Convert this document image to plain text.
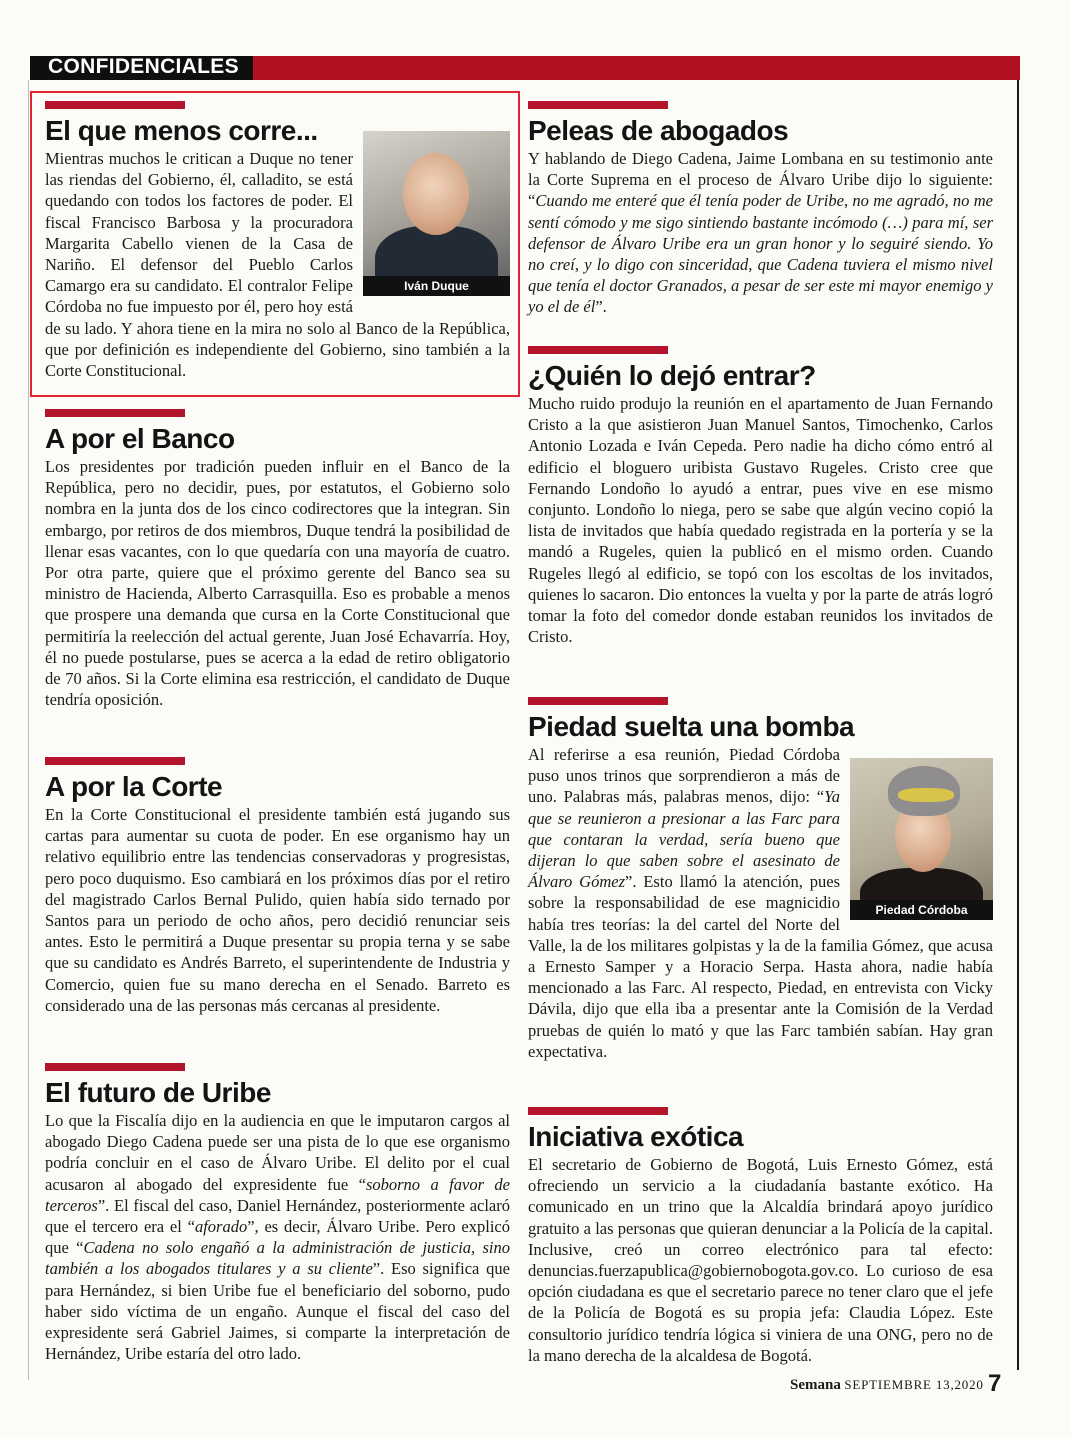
CONFIDENCIALES
Iván Duque
El que menos corre...

Mientras muchos le critican a Duque no tener las riendas del Gobierno, él, calladito, se está quedando con todos los factores de poder. El fiscal Francisco Barbosa y la procuradora Margarita Cabello vienen de la Casa de Nariño. El defensor del Pueblo Carlos Camargo era su candidato. El contralor Felipe Córdoba no fue impuesto por él, pero hoy está de su lado. Y ahora tiene en la mira no solo al Banco de la República, que por definición es independiente del Gobierno, sino también a la Corte Constitucional.

A por el Banco

Los presidentes por tradición pueden influir en el Banco de la República, pero no decidir, pues, por estatutos, el Gobierno solo nombra en la junta dos de los cinco codirectores que la integran. Sin embargo, por retiros de dos miembros, Duque tendrá la posibilidad de llenar esas vacantes, con lo que quedaría con una mayoría de cuatro. Por otra parte, quiere que el próximo gerente del Banco sea su ministro de Hacienda, Alberto Carrasquilla. Eso es probable a menos que prospere una demanda que cursa en la Corte Constitucional que permitiría la reelección del actual gerente, Juan José Echavarría. Hoy, él no puede postularse, pues se acerca a la edad de retiro obligatorio de 70 años. Si la Corte elimina esa restricción, el candidato de Duque tendría oposición.

A por la Corte

En la Corte Constitucional el presidente también está jugando sus cartas para aumentar su cuota de poder. En ese organismo hay un relativo equilibrio entre las tendencias conservadoras y progresistas, pero poco duquismo. Eso cambiará en los próximos días por el retiro del magistrado Carlos Bernal Pulido, quien había sido ternado por Santos para un periodo de ocho años, pero decidió renunciar seis antes. Esto le permitirá a Duque presentar su propia terna y se sabe que su candidato es Andrés Barreto, el superintendente de Industria y Comercio, quien fue su mano derecha en el Senado. Barreto es considerado una de las personas más cercanas al presidente.

El futuro de Uribe

Lo que la Fiscalía dijo en la audiencia en que le imputaron cargos al abogado Diego Cadena puede ser una pista de lo que ese organismo podría concluir en el caso de Álvaro Uribe. El delito por el cual acusaron al abogado del expresidente fue “soborno a favor de terceros”. El fiscal del caso, Daniel Hernández, posteriormente aclaró que el tercero era el “aforado”, es decir, Álvaro Uribe. Pero explicó que “Cadena no solo engañó a la administración de justicia, sino también a los abogados titulares y a su cliente”. Eso significa que para Hernández, si bien Uribe fue el beneficiario del soborno, pudo haber sido víctima de un engaño. Aunque el fiscal del caso del expresidente será Gabriel Jaimes, si comparte la interpretación de Hernández, Uribe estaría del otro lado.

Peleas de abogados

Y hablando de Diego Cadena, Jaime Lombana en su testimonio ante la Corte Suprema en el proceso de Álvaro Uribe dijo lo siguiente: “Cuando me enteré que él tenía poder de Uribe, no me agradó, no me sentí cómodo y me sigo sintiendo bastante incómodo (…) para mí, ser defensor de Álvaro Uribe era un gran honor y lo seguiré siendo. Yo no creí, y lo digo con sinceridad, que Cadena tuviera el mismo nivel que tenía el doctor Granados, a pesar de ser este mi mayor enemigo y yo el de él”.

¿Quién lo dejó entrar?

Mucho ruido produjo la reunión en el apartamento de Juan Fernando Cristo a la que asistieron Juan Manuel Santos, Timochenko, Carlos Antonio Lozada e Iván Cepeda. Pero nadie ha dicho cómo entró al edificio el bloguero uribista Gustavo Rugeles. Cristo cree que Fernando Londoño lo ayudó a entrar, pues vive en ese mismo conjunto. Londoño lo niega, pero se sabe que algún vecino copió la lista de invitados que había quedado registrada en la portería y se la mandó a Rugeles, quien la publicó en el mismo orden. Cuando Rugeles llegó al edificio, se topó con los escoltas de los invitados, quienes lo sacaron. Dio entonces la vuelta y por la parte de atrás logró tomar la foto del comedor donde estaban reunidos los invitados de Cristo.

Piedad suelta una bomba
Piedad Córdoba

Al referirse a esa reunión, Piedad Córdoba puso unos trinos que sorprendieron a más de uno. Palabras más, palabras menos, dijo: “Ya que se reunieron a presionar a las Farc para que contaran la verdad, sería bueno que dijeran lo que saben sobre el asesinato de Álvaro Gómez”. Esto llamó la atención, pues sobre la responsabilidad de ese magnicidio había tres teorías: la del cartel del Norte del Valle, la de los militares golpistas y la de la familia Gómez, que acusa a Ernesto Samper y a Horacio Serpa. Hasta ahora, nadie había mencionado a las Farc. Al respecto, Piedad, en entrevista con Vicky Dávila, dijo que ella iba a presentar ante la Comisión de la Verdad pruebas de quién lo mató y que las Farc también sabían. Hay gran expectativa.

Iniciativa exótica

El secretario de Gobierno de Bogotá, Luis Ernesto Gómez, está ofreciendo un servicio a la ciudadanía bastante exótico. Ha comunicado en un trino que la Alcaldía brindará apoyo jurídico gratuito a las personas que quieran denunciar a la Policía de la capital. Inclusive, creó un correo electrónico para tal efecto: denuncias.fuerzapublica@gobiernobogota.gov.co. Lo curioso de esa opción ciudadana es que el secretario parece no tener claro que el jefe de la Policía de Bogotá es su propia jefa: Claudia López. Este consultorio jurídico tendría lógica si viniera de una ONG, pero no de la mano derecha de la alcaldesa de Bogotá.

Semana SEPTIEMBRE 13,2020 7
